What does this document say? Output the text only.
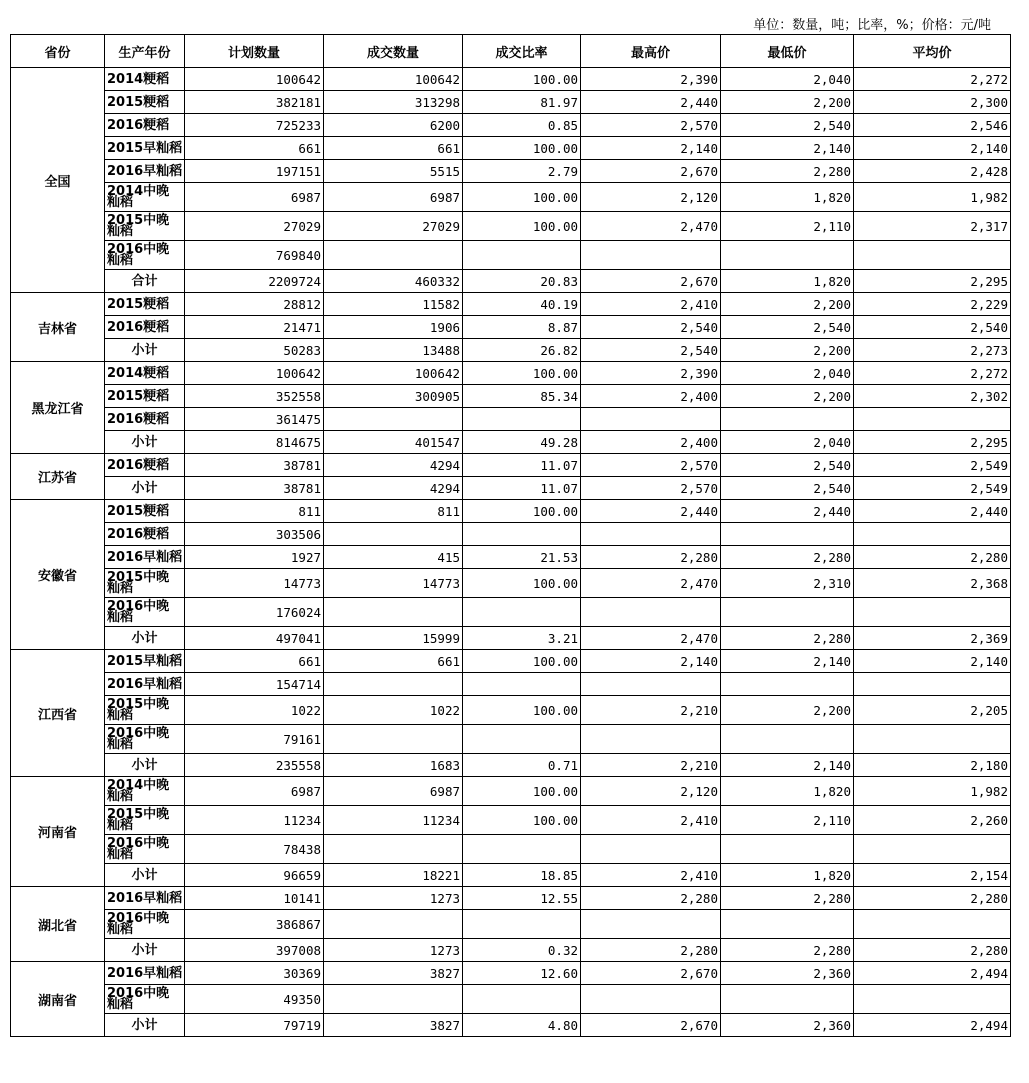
单位：数量，吨；比率，%；价格：元/吨
省份	生产年份	计划数量	成交数量	成交比率	最高价	最低价	平均价
全国	2014粳稻	100642	100642	100.00	2,390	2,040	2,272
	2015粳稻	382181	313298	81.97	2,440	2,200	2,300
	2016粳稻	725233	6200	0.85	2,570	2,540	2,546
	2015早籼稻	661	661	100.00	2,140	2,140	2,140
	2016早籼稻	197151	5515	2.79	2,670	2,280	2,428
	2014中晚籼稻	6987	6987	100.00	2,120	1,820	1,982
	2015中晚籼稻	27029	27029	100.00	2,470	2,110	2,317
	2016中晚籼稻	769840					
	合计	2209724	460332	20.83	2,670	1,820	2,295
吉林省	2015粳稻	28812	11582	40.19	2,410	2,200	2,229
	2016粳稻	21471	1906	8.87	2,540	2,540	2,540
	小计	50283	13488	26.82	2,540	2,200	2,273
黑龙江省	2014粳稻	100642	100642	100.00	2,390	2,040	2,272
	2015粳稻	352558	300905	85.34	2,400	2,200	2,302
	2016粳稻	361475					
	小计	814675	401547	49.28	2,400	2,040	2,295
江苏省	2016粳稻	38781	4294	11.07	2,570	2,540	2,549
	小计	38781	4294	11.07	2,570	2,540	2,549
安徽省	2015粳稻	811	811	100.00	2,440	2,440	2,440
	2016粳稻	303506					
	2016早籼稻	1927	415	21.53	2,280	2,280	2,280
	2015中晚籼稻	14773	14773	100.00	2,470	2,310	2,368
	2016中晚籼稻	176024					
	小计	497041	15999	3.21	2,470	2,280	2,369
江西省	2015早籼稻	661	661	100.00	2,140	2,140	2,140
	2016早籼稻	154714					
	2015中晚籼稻	1022	1022	100.00	2,210	2,200	2,205
	2016中晚籼稻	79161					
	小计	235558	1683	0.71	2,210	2,140	2,180
河南省	2014中晚籼稻	6987	6987	100.00	2,120	1,820	1,982
	2015中晚籼稻	11234	11234	100.00	2,410	2,110	2,260
	2016中晚籼稻	78438					
	小计	96659	18221	18.85	2,410	1,820	2,154
湖北省	2016早籼稻	10141	1273	12.55	2,280	2,280	2,280
	2016中晚籼稻	386867					
	小计	397008	1273	0.32	2,280	2,280	2,280
湖南省	2016早籼稻	30369	3827	12.60	2,670	2,360	2,494
	2016中晚籼稻	49350					
	小计	79719	3827	4.80	2,670	2,360	2,494
